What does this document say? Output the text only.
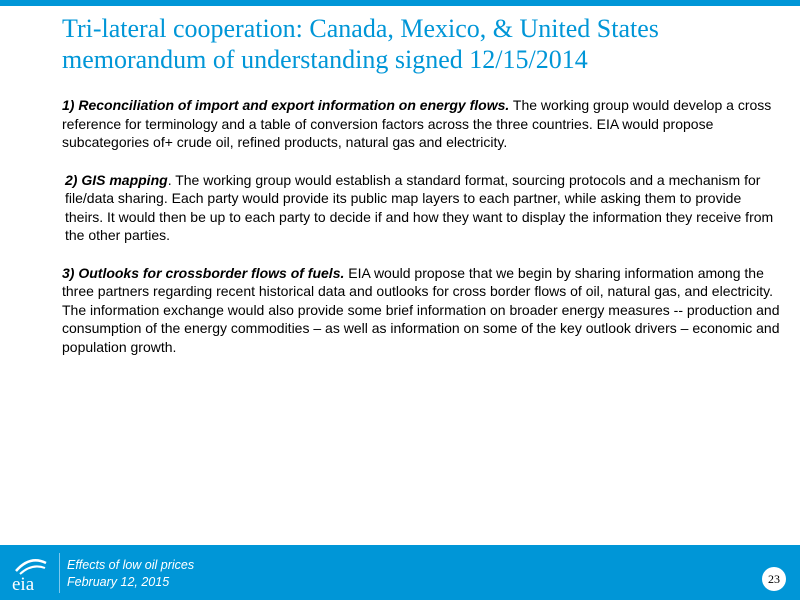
Tri-lateral cooperation: Canada, Mexico, & United States
memorandum of understanding signed 12/15/2014

1) Reconciliation of import and export information on energy flows. The working group would develop a cross reference for terminology and a table of conversion factors across the three countries. EIA would propose subcategories of+ crude oil, refined products, natural gas and electricity.

2) GIS mapping. The working group would establish a standard format, sourcing protocols and a mechanism for file/data sharing. Each party would provide its public map layers to each partner, while asking them to provide theirs. It would then be up to each party to decide if and how they want to display the information they receive from the other parties.

3) Outlooks for crossborder flows of fuels. EIA would propose that we begin by sharing information among the three partners regarding recent historical data and outlooks for cross border flows of oil, natural gas, and electricity. The information exchange would also provide some brief information on broader energy measures -- production and consumption of the energy commodities – as well as information on some of the key outlook drivers – economic and population growth.

eia
Effects of low oil prices
February 12, 2015	23
